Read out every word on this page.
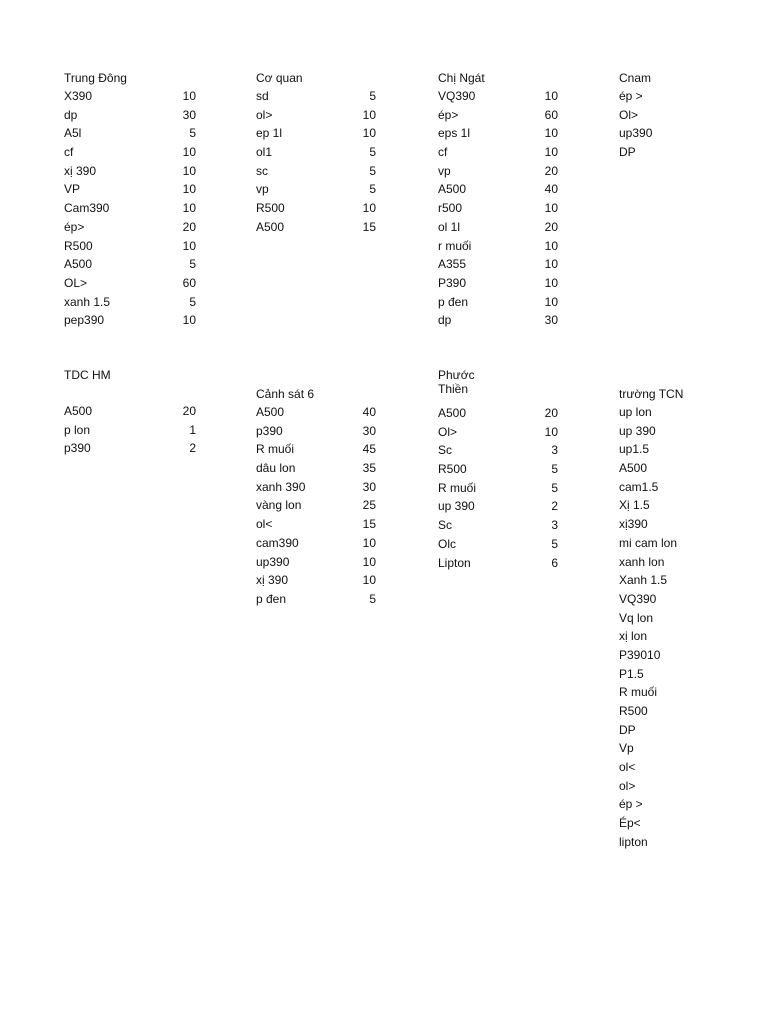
Trung Đông
X390	10
dp	30
A5l	5
cf	10
xị 390	10
VP	10
Cam390	10
ép>	20
R500	10
A500	5
OL>	60
xanh 1.5	5
pep390	10
Cơ quan
sd	5
ol>	10
ep 1l	10
ol1	5
sc	5
vp	5
R500	10
A500	15
Chị Ngát
VQ390	10
ép>	60
eps 1l	10
cf	10
vp	20
A500	40
r500	10
ol 1l	20
r muối	10
A355	10
P390	10
p đen	10
dp	30
Cnam
ép >
Ol>
up390
DP
TDC HM
A500	20
p lon	1
p390	2
Cảnh sát 6
A500	40
p390	30
R muối	45
dâu lon	35
xanh 390	30
vàng lon	25
ol<	15
cam390	10
up390	10
xị 390	10
p đen	5
Phước
Thiền
A500	20
Ol>	10
Sc	3
R500	5
R muối	5
up 390	2
Sc	3
Olc	5
Lipton	6
trường TCN
up lon
up 390
up1.5
A500
cam1.5
Xị 1.5
xị390
mi cam lon
xanh lon
Xanh 1.5
VQ390
Vq lon
xị lon
P39010
P1.5
R muối
R500
DP
Vp
ol<
ol>
ép >
Ép<
lipton
